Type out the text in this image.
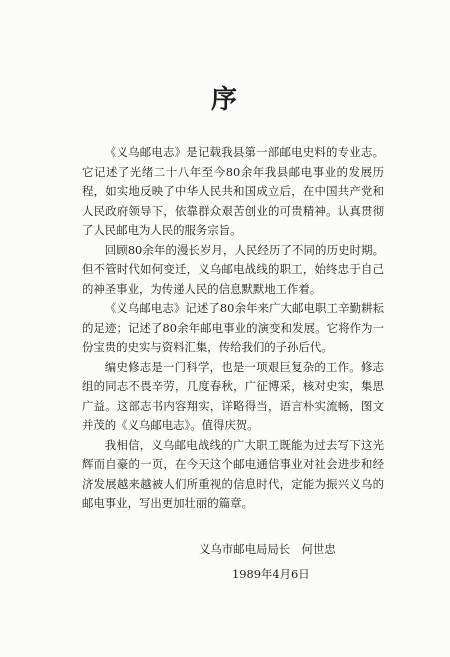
序

《义乌邮电志》是记载我县第一部邮电史料的专业志。它记述了光绪二十八年至今80余年我县邮电事业的发展历程，如实地反映了中华人民共和国成立后，在中国共产党和人民政府领导下，依靠群众艰苦创业的可贵精神。认真贯彻了人民邮电为人民的服务宗旨。

回顾80余年的漫长岁月，人民经历了不同的历史时期。但不管时代如何变迁，义乌邮电战线的职工，始终忠于自己的神圣事业，为传递人民的信息默默地工作着。

《义乌邮电志》记述了80余年来广大邮电职工辛勤耕耘的足迹；记述了80余年邮电事业的演变和发展。它将作为一份宝贵的史实与资料汇集，传给我们的子孙后代。

编史修志是一门科学，也是一项艰巨复杂的工作。修志组的同志不畏辛劳，几度春秋，广征博采，核对史实，集思广益。这部志书内容翔实，详略得当，语言朴实流畅，图文并茂的《义乌邮电志》。值得庆贺。

我相信，义乌邮电战线的广大职工既能为过去写下这光辉而自豪的一页，在今天这个邮电通信事业对社会进步和经济发展越来越被人们所重视的信息时代，定能为振兴义乌的邮电事业，写出更加壮丽的篇章。

义乌市邮电局局长　何世忠
1989年4月6日
